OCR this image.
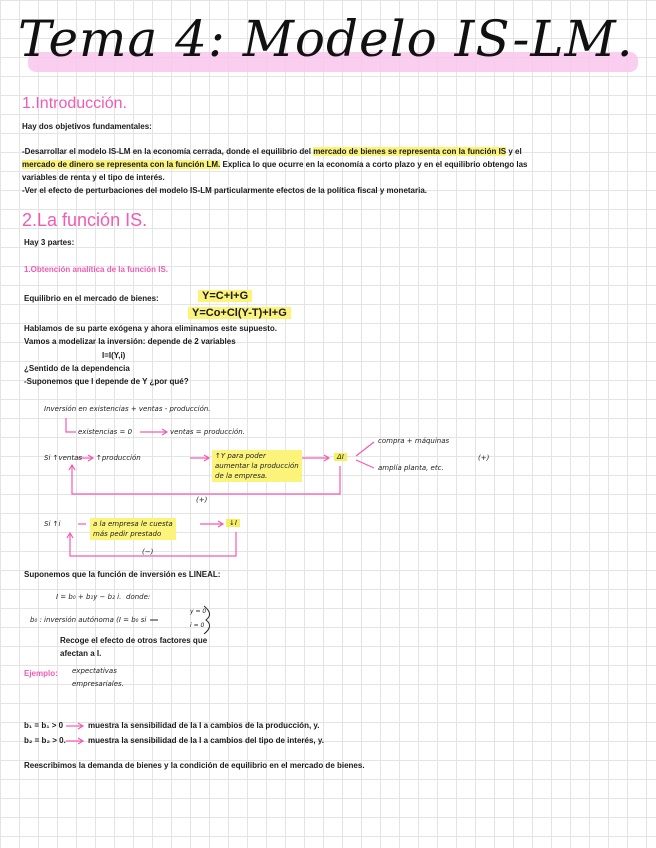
Tema 4: Modelo IS-LM.
1.Introducción.
Hay dos objetivos fundamentales:
-Desarrollar el modelo IS-LM en la economía cerrada, donde el equilibrio del mercado de bienes se representa con la función IS y el
mercado de dinero se representa con la función LM. Explica lo que ocurre en la economía a corto plazo y en el equilibrio obtengo las
variables de renta y el tipo de interés.
-Ver el efecto de perturbaciones del modelo IS-LM particularmente efectos de la política fiscal y monetaria.
2.La función IS.
Hay 3 partes:
1.Obtención analítica de la función IS.
Equilibrio en el mercado de bienes:	Y=C+I+G
Y=Co+Cl(Y-T)+I+G
Hablamos de su parte exógena y ahora eliminamos este supuesto.
Vamos a modelizar la inversión: depende de 2 variables
I=I(Y,i)
¿Sentido de la dependencia
-Suponemos que I depende de Y ¿por qué?
Inversión en existencias + ventas - producción.
existencias = 0	ventas = producción.
Si ↑ventas ↑producción	↑Y para poder
aumentar la producción
de la empresa.
ΔI
compra + máquinas
amplía planta, etc.
(+)
(+)
Si ↑i	a la empresa le cuesta
más pedir prestado
↓I
(−)
Suponemos que la función de inversión es LINEAL:
I = b₀ + b₁y − b₂ i. donde:
b₀ : inversión autónoma (I = b₀ si
y = 0
i = 0
Recoge el efecto de otros factores que
afectan a I.
Ejemplo: expectativas
empresariales.
b₁ = b₁ > 0	muestra la sensibilidad de la I a cambios de la producción, y.
b₂ = b₂ > 0.	muestra la sensibilidad de la I a cambios del tipo de interés, y.
Reescribimos la demanda de bienes y la condición de equilibrio en el mercado de bienes.
